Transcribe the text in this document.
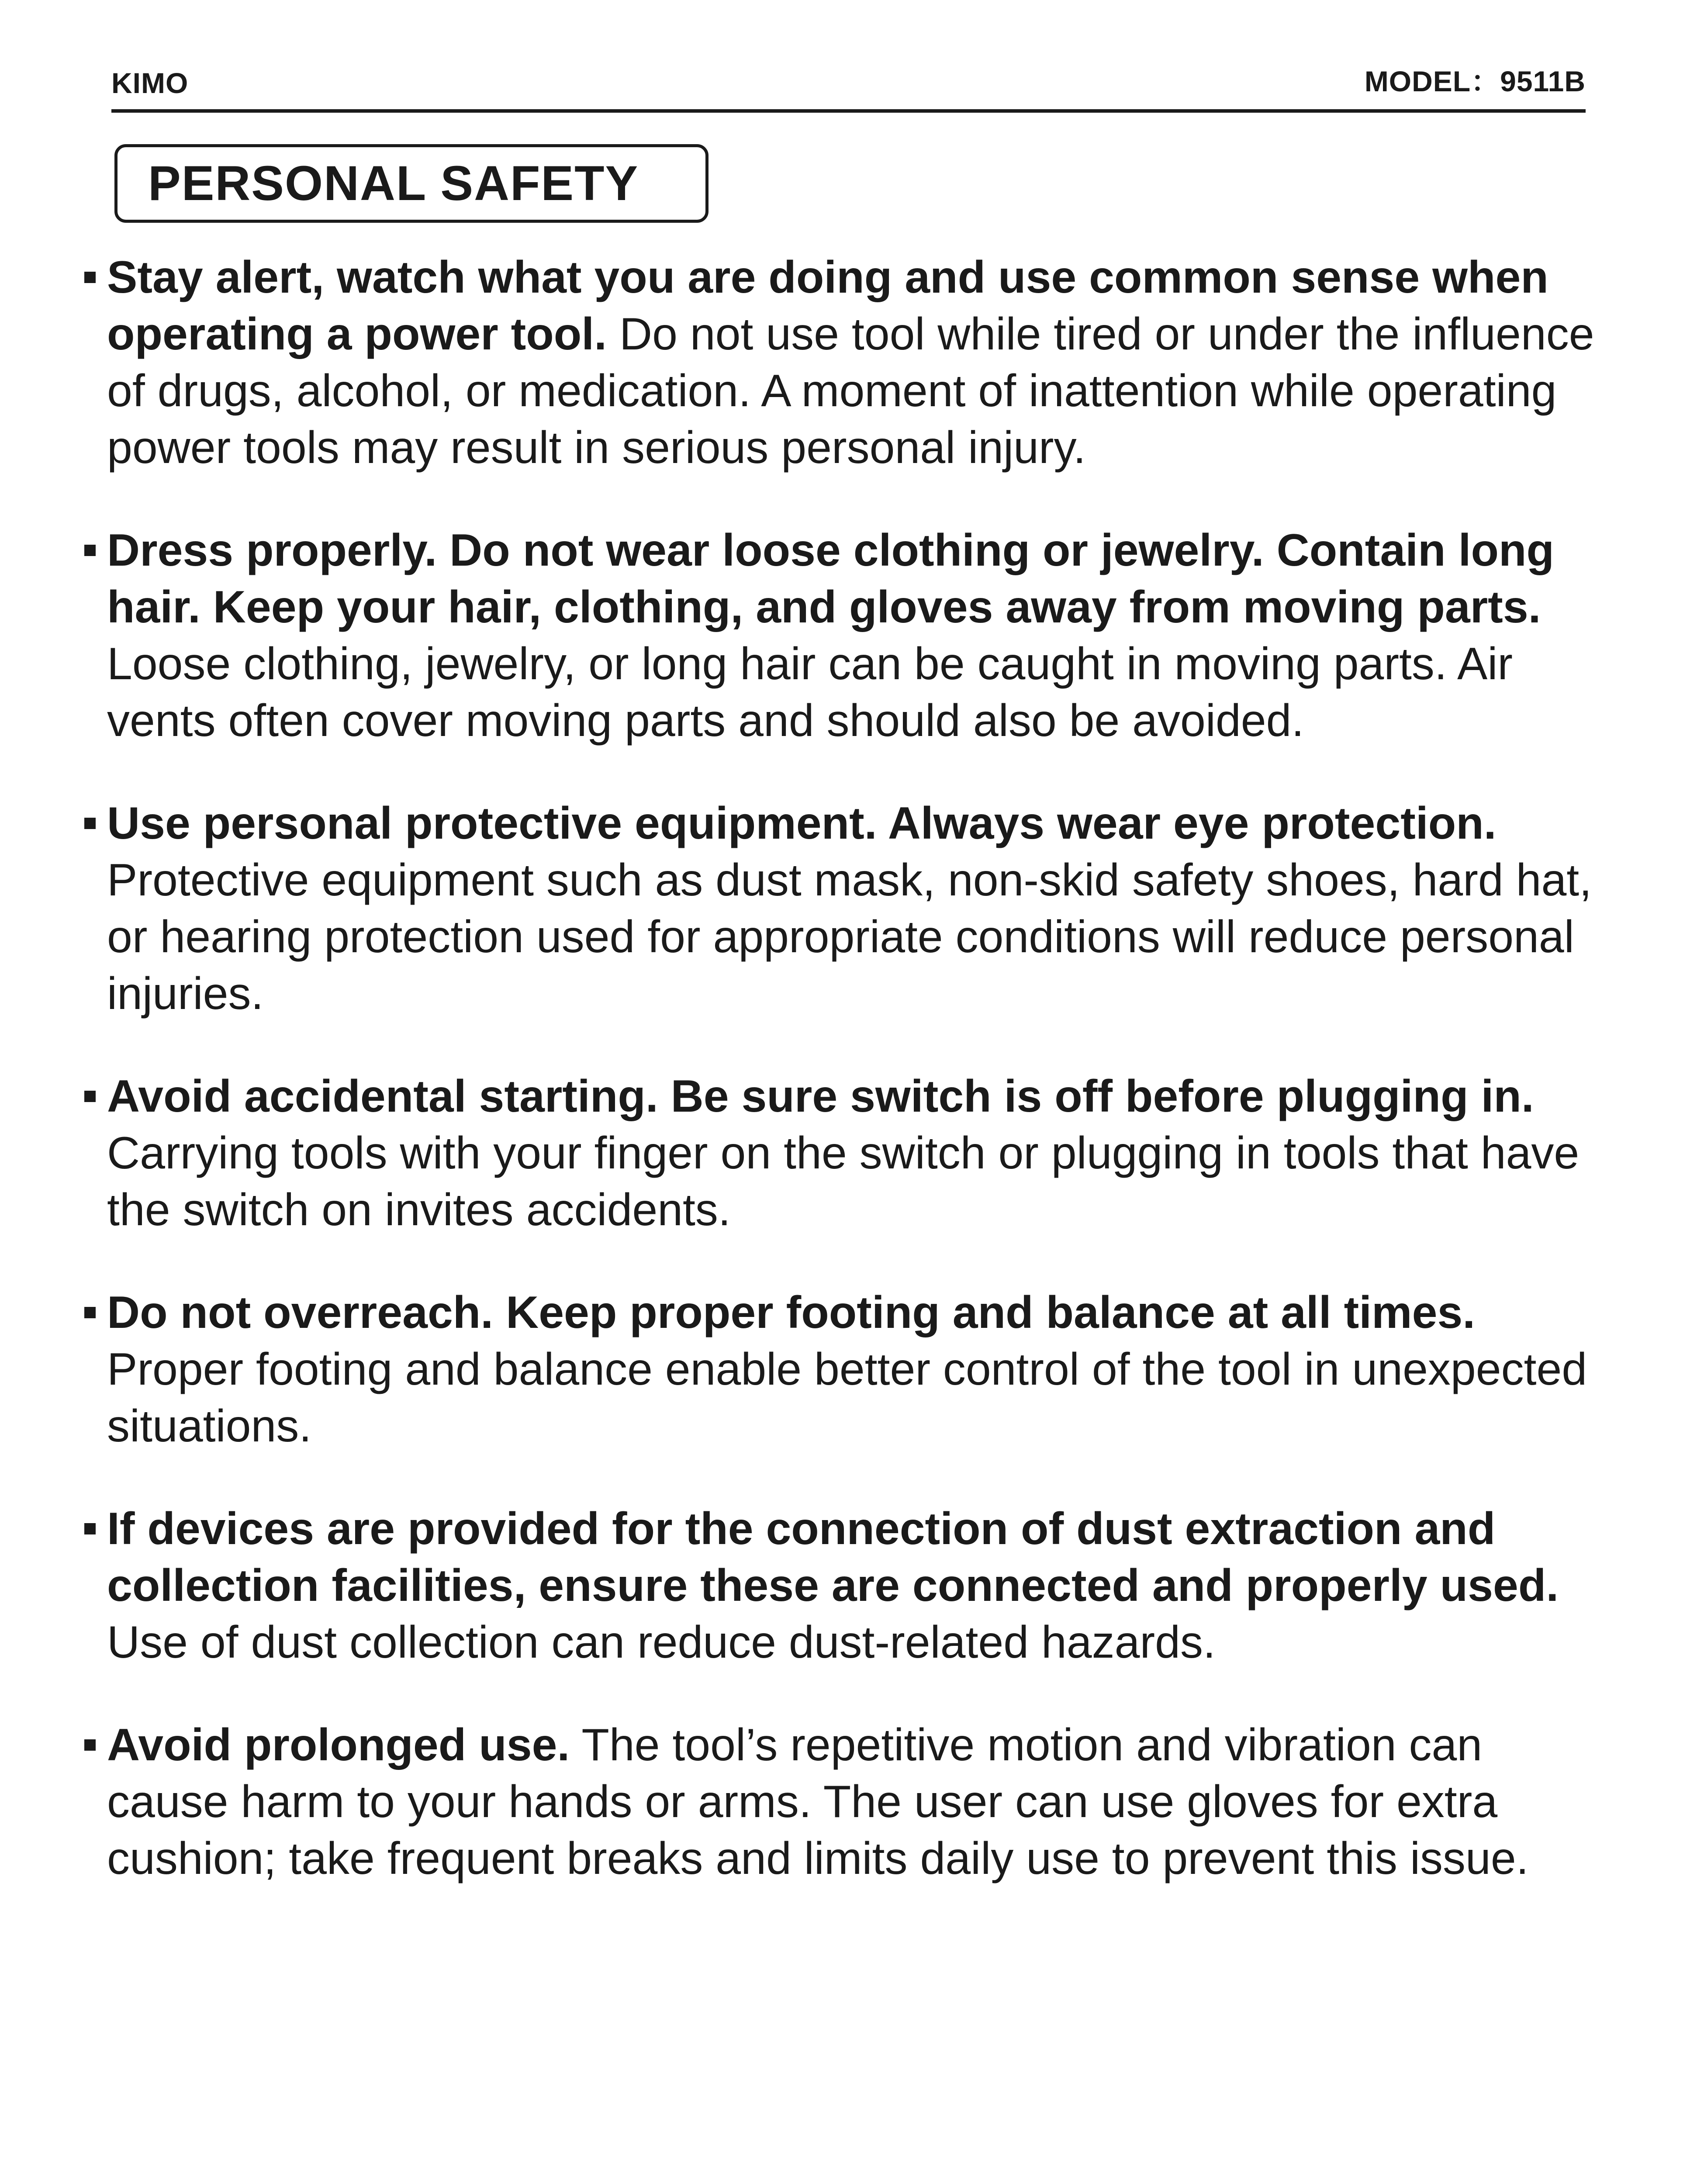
KIMO	MODEL：9511B
PERSONAL SAFETY
Stay alert, watch what you are doing and use common sense when operating a power tool. Do not use tool while tired or under the influence of drugs, alcohol, or medication. A moment of inattention while operating power tools may result in serious personal injury.
Dress properly. Do not wear loose clothing or jewelry. Contain long hair. Keep your hair, clothing, and gloves away from moving parts. Loose clothing, jewelry, or long hair can be caught in moving parts. Air vents often cover moving parts and should also be avoided.
Use personal protective equipment. Always wear eye protection. Protective equipment such as dust mask, non-skid safety shoes, hard hat, or hearing protection used for appropriate conditions will reduce personal injuries.
Avoid accidental starting. Be sure switch is off before plugging in. Carrying tools with your finger on the switch or plugging in tools that have the switch on invites accidents.
Do not overreach. Keep proper footing and balance at all times. Proper footing and balance enable better control of the tool in unexpected situations.
If devices are provided for the connection of dust extraction and collection facilities, ensure these are connected and properly used. Use of dust collection can reduce dust-related hazards.
Avoid prolonged use. The tool’s repetitive motion and vibration can cause harm to your hands or arms. The user can use gloves for extra cushion; take frequent breaks and limits daily use to prevent this issue.
